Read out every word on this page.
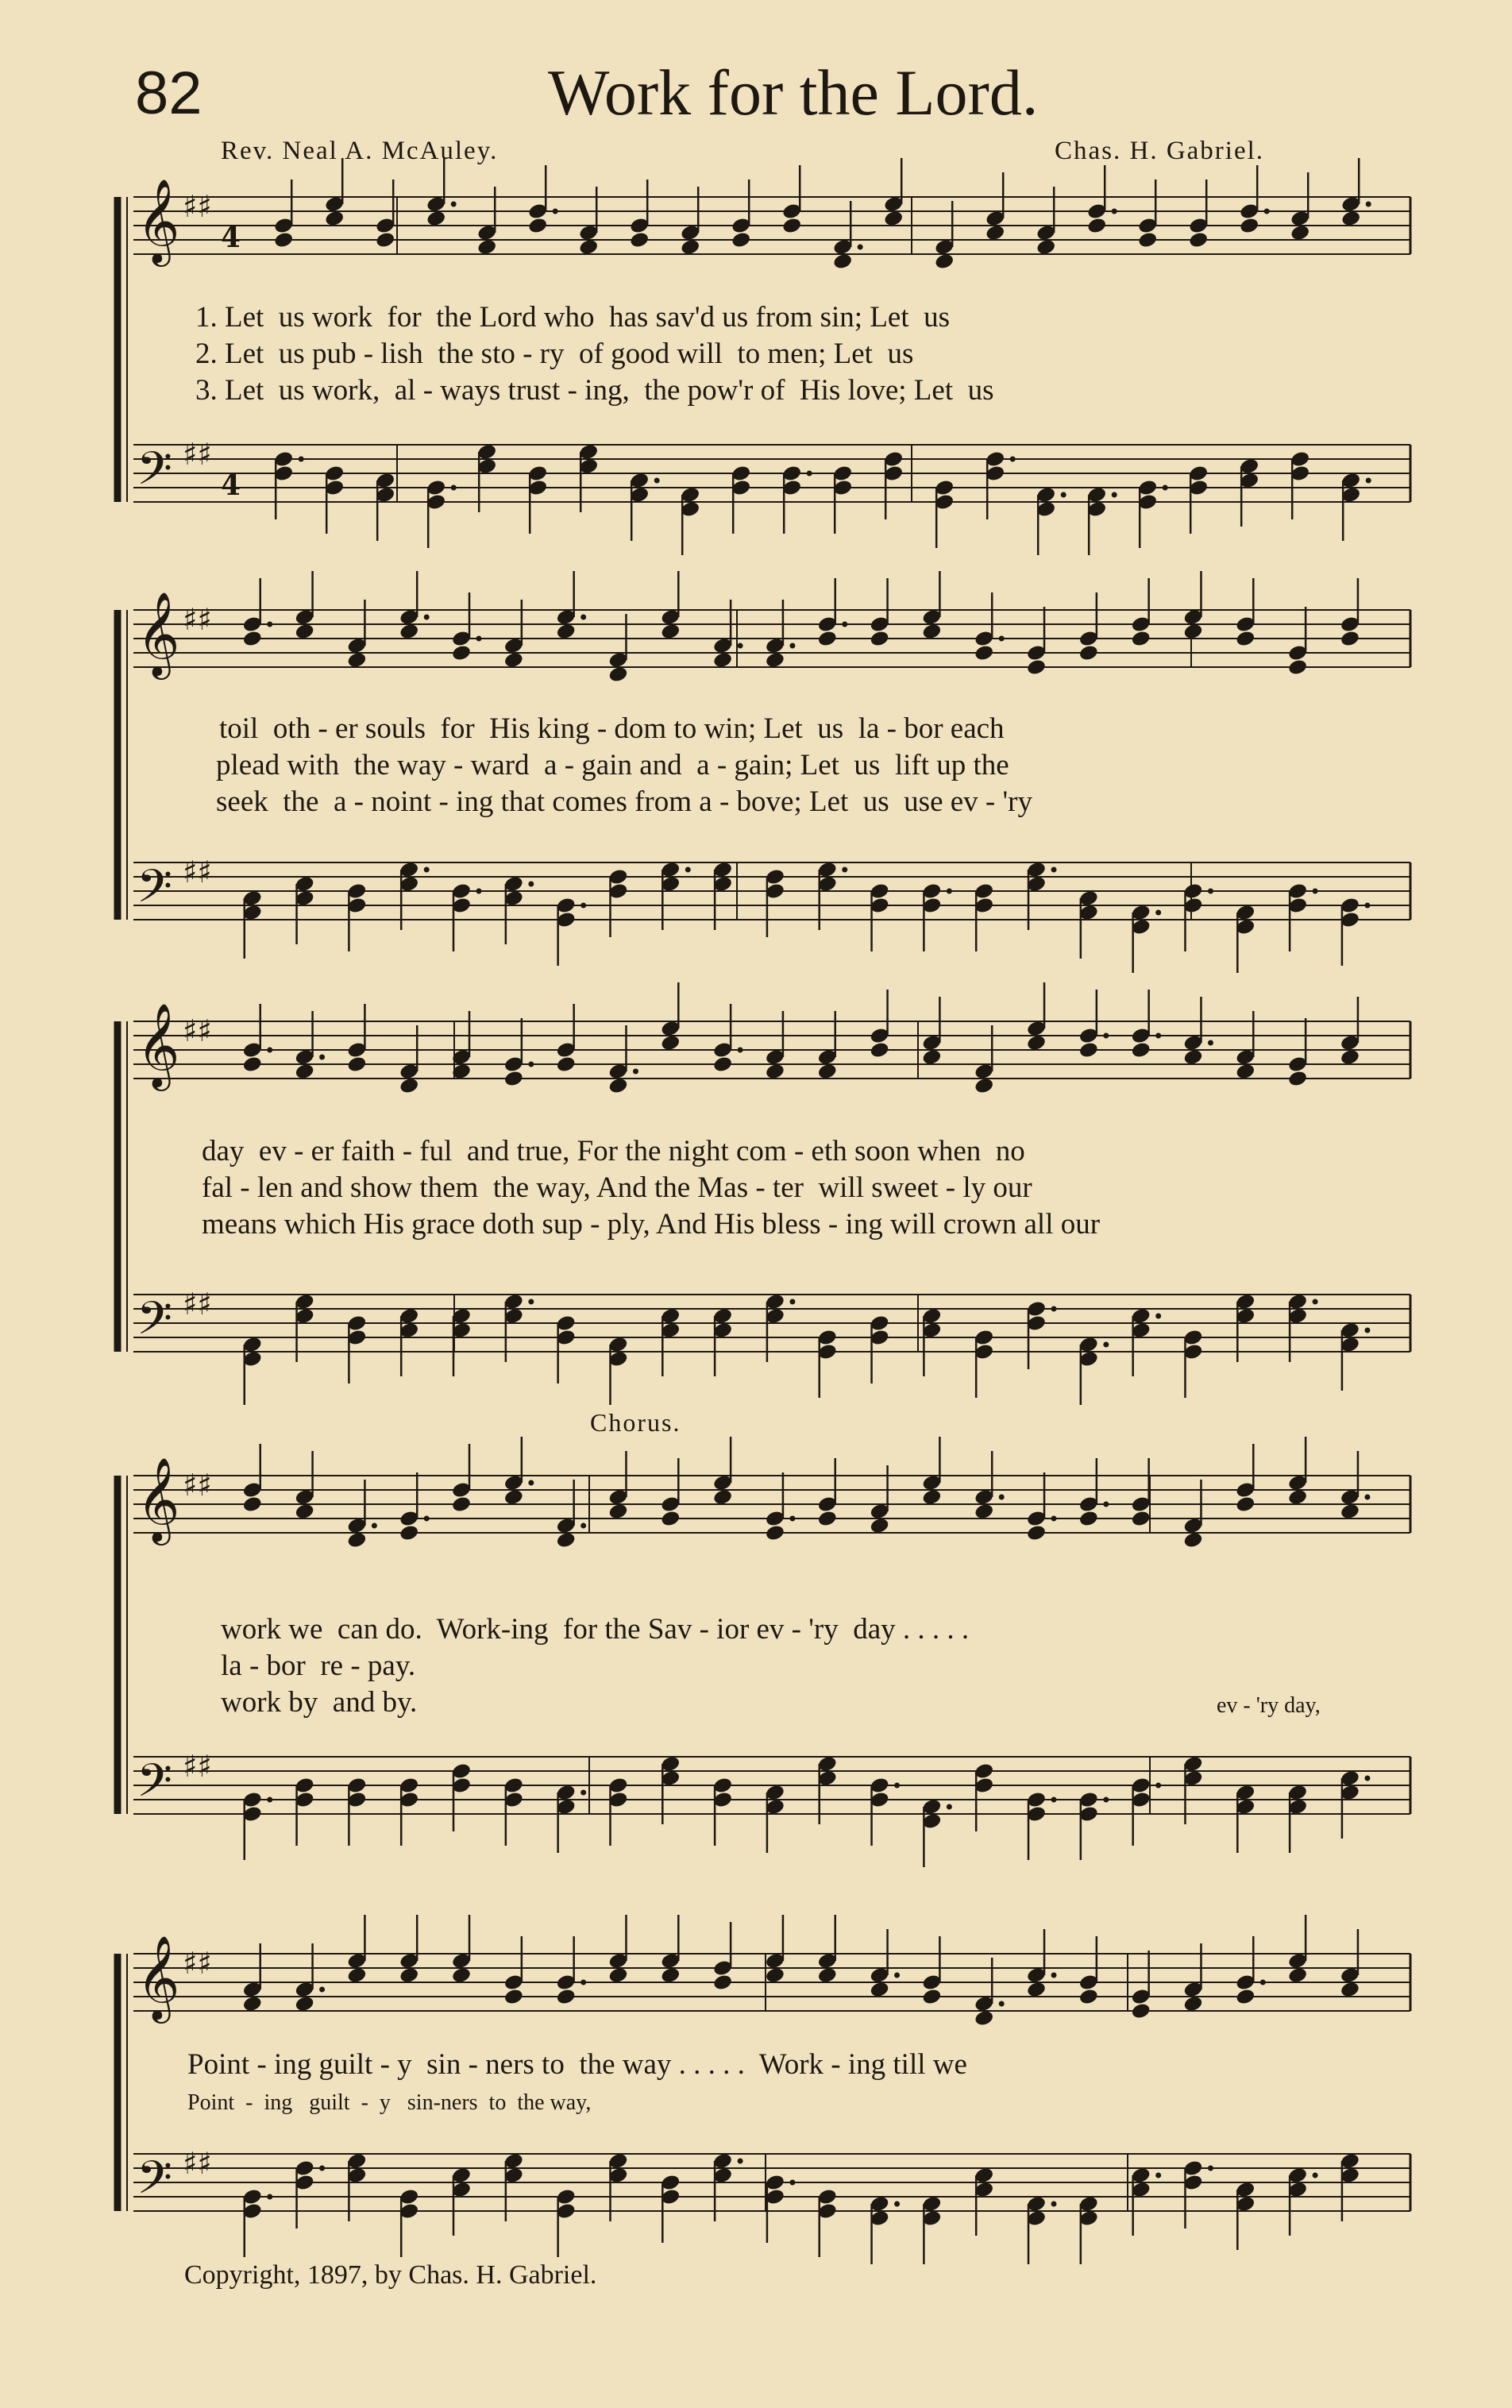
82	Work for the Lord.
Rev. Neal A. McAuley.	Chas. H. Gabriel.
𝄞 ♯♯
4
𝄢 ♯♯
4
𝄞 ♯♯
𝄢 ♯♯
𝄞 ♯♯
𝄢 ♯♯
𝄞 ♯♯
𝄢 ♯♯
𝄞 ♯♯
𝄢 ♯♯
1. Let  us work  for  the Lord who  has sav'd us from sin; Let  us
2. Let  us pub - lish  the sto - ry  of good will  to men; Let  us
3. Let  us work,  al - ways trust - ing,  the pow'r of  His love; Let  us
toil  oth - er souls  for  His king - dom to win; Let  us  la - bor each
plead with  the way - ward  a - gain and  a - gain; Let  us  lift up the
seek  the  a - noint - ing that comes from a - bove; Let  us  use ev - 'ry
day  ev - er faith - ful  and true, For the night com - eth soon when  no
fal - len and show them  the way, And the Mas - ter  will sweet - ly our
means which His grace doth sup - ply, And His bless - ing will crown all our
Chorus.
work we  can do.  Work-ing  for the Sav - ior ev - 'ry  day . . . . .
la - bor  re - pay.
work by  and by.	ev - 'ry day,
Point - ing guilt - y  sin - ners to  the way . . . . .  Work - ing till we
Point  -  ing   guilt  -  y   sin-ners  to  the way,
Copyright, 1897, by Chas. H. Gabriel.
